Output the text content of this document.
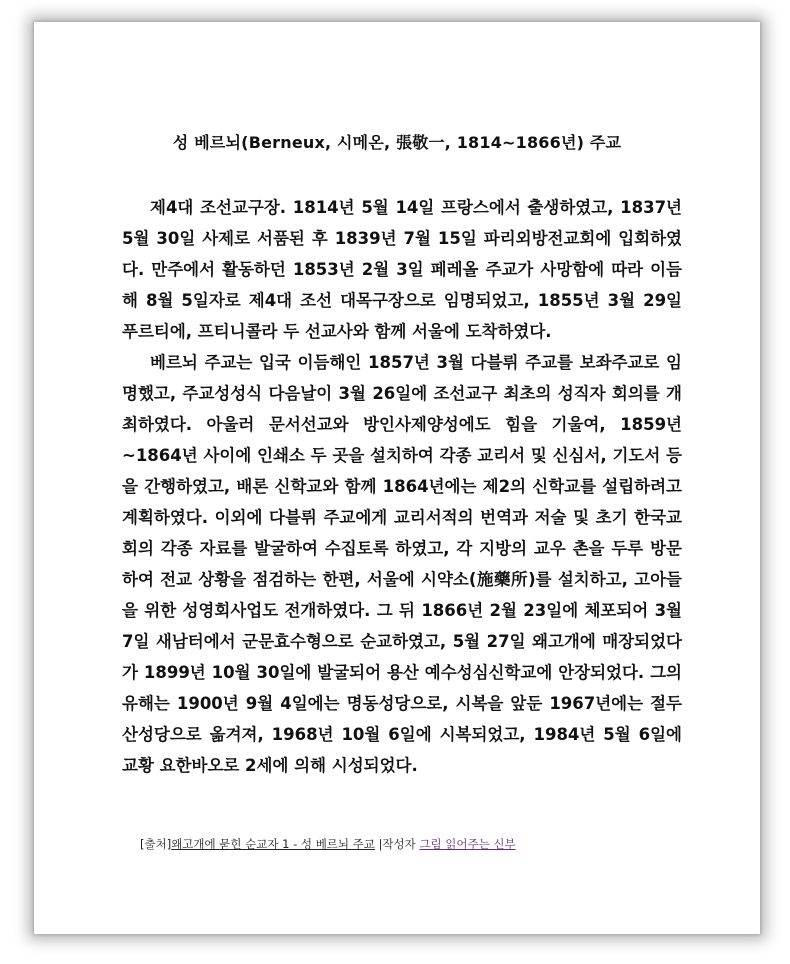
성 베르뇌(Berneux, 시메온, 張敬一, 1814~1866년) 주교

제4대 조선교구장. 1814년 5월 14일 프랑스에서 출생하였고, 1837년 5월 30일 사제로 서품된 후 1839년 7월 15일 파리외방전교회에 입회하였다. 만주에서 활동하던 1853년 2월 3일 페레올 주교가 사망함에 따라 이듬해 8월 5일자로 제4대 조선 대목구장으로 임명되었고, 1855년 3월 29일 푸르티에, 프티니콜라 두 선교사와 함께 서울에 도착하였다.

베르뇌 주교는 입국 이듬해인 1857년 3월 다블뤼 주교를 보좌주교로 임명했고, 주교성성식 다음날이 3월 26일에 조선교구 최초의 성직자 회의를 개최하였다. 아울러 문서선교와 방인사제양성에도 힘을 기울여, 1859년~1864년 사이에 인쇄소 두 곳을 설치하여 각종 교리서 및 신심서, 기도서 등을 간행하였고, 배론 신학교와 함께 1864년에는 제2의 신학교를 설립하려고 계획하였다. 이외에 다블뤼 주교에게 교리서적의 번역과 저술 및 초기 한국교회의 각종 자료를 발굴하여 수집토록 하였고, 각 지방의 교우 촌을 두루 방문하여 전교 상황을 점검하는 한편, 서울에 시약소(施藥所)를 설치하고, 고아들을 위한 성영회사업도 전개하였다. 그 뒤 1866년 2월 23일에 체포되어 3월 7일 새남터에서 군문효수형으로 순교하였고, 5월 27일 왜고개에 매장되었다가 1899년 10월 30일에 발굴되어 용산 예수성심신학교에 안장되었다. 그의 유해는 1900년 9월 4일에는 명동성당으로, 시복을 앞둔 1967년에는 절두산성당으로 옮겨져, 1968년 10월 6일에 시복되었고, 1984년 5월 6일에 교황 요한바오로 2세에 의해 시성되었다.

[출처]왜고개에 묻힌 순교자 1 - 성 베르뇌 주교 |작성자 그림 읽어주는 신부
